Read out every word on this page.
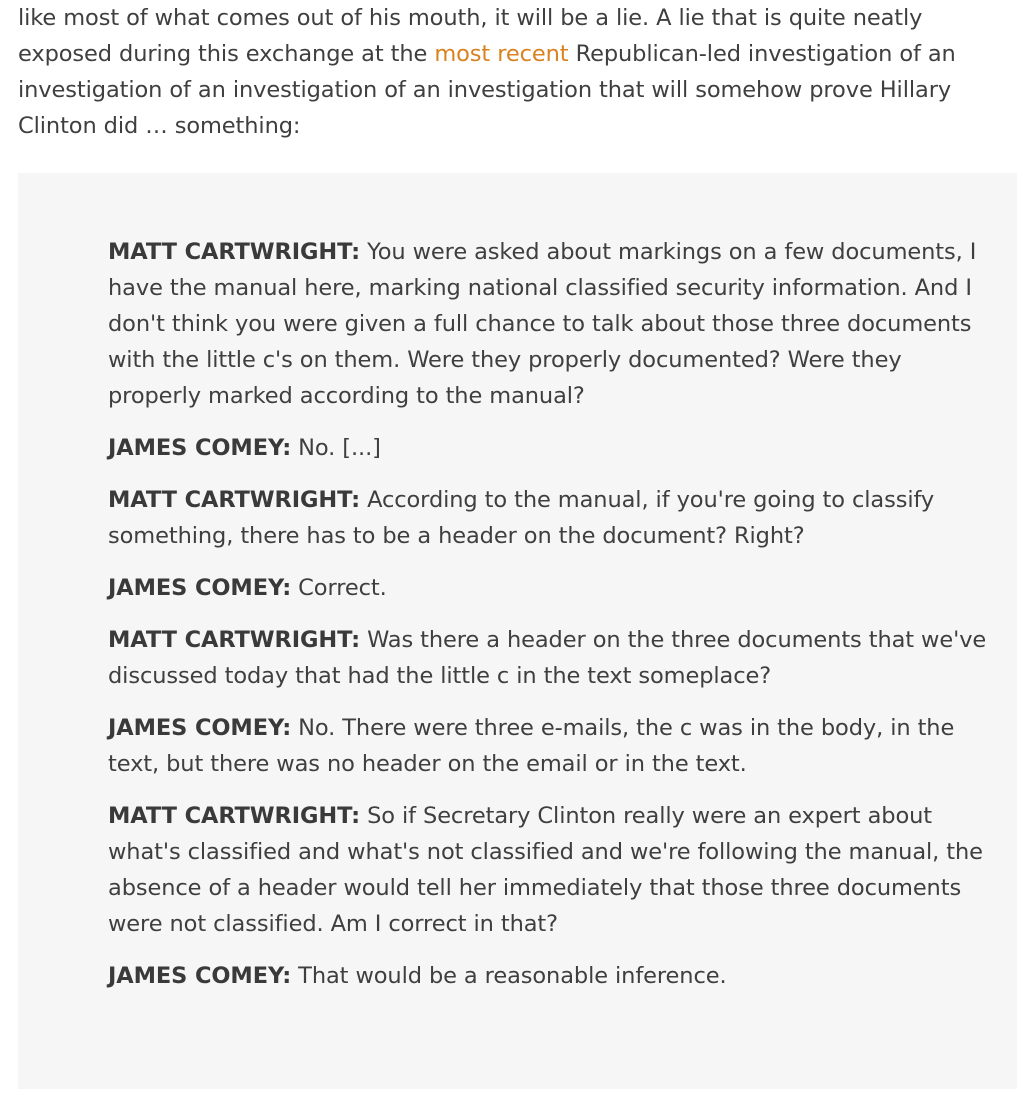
like most of what comes out of his mouth, it will be a lie. A lie that is quite neatly exposed during this exchange at the most recent Republican-led investigation of an investigation of an investigation of an investigation that will somehow prove Hillary Clinton did … something:

MATT CARTWRIGHT: You were asked about markings on a few documents, I have the manual here, marking national classified security information. And I don't think you were given a full chance to talk about those three documents with the little c's on them. Were they properly documented? Were they properly marked according to the manual?

JAMES COMEY: No. [...]

MATT CARTWRIGHT: According to the manual, if you're going to classify something, there has to be a header on the document? Right?

JAMES COMEY: Correct.

MATT CARTWRIGHT: Was there a header on the three documents that we've discussed today that had the little c in the text someplace?

JAMES COMEY: No. There were three e-mails, the c was in the body, in the text, but there was no header on the email or in the text.

MATT CARTWRIGHT: So if Secretary Clinton really were an expert about what's classified and what's not classified and we're following the manual, the absence of a header would tell her immediately that those three documents were not classified. Am I correct in that?

JAMES COMEY: That would be a reasonable inference.
